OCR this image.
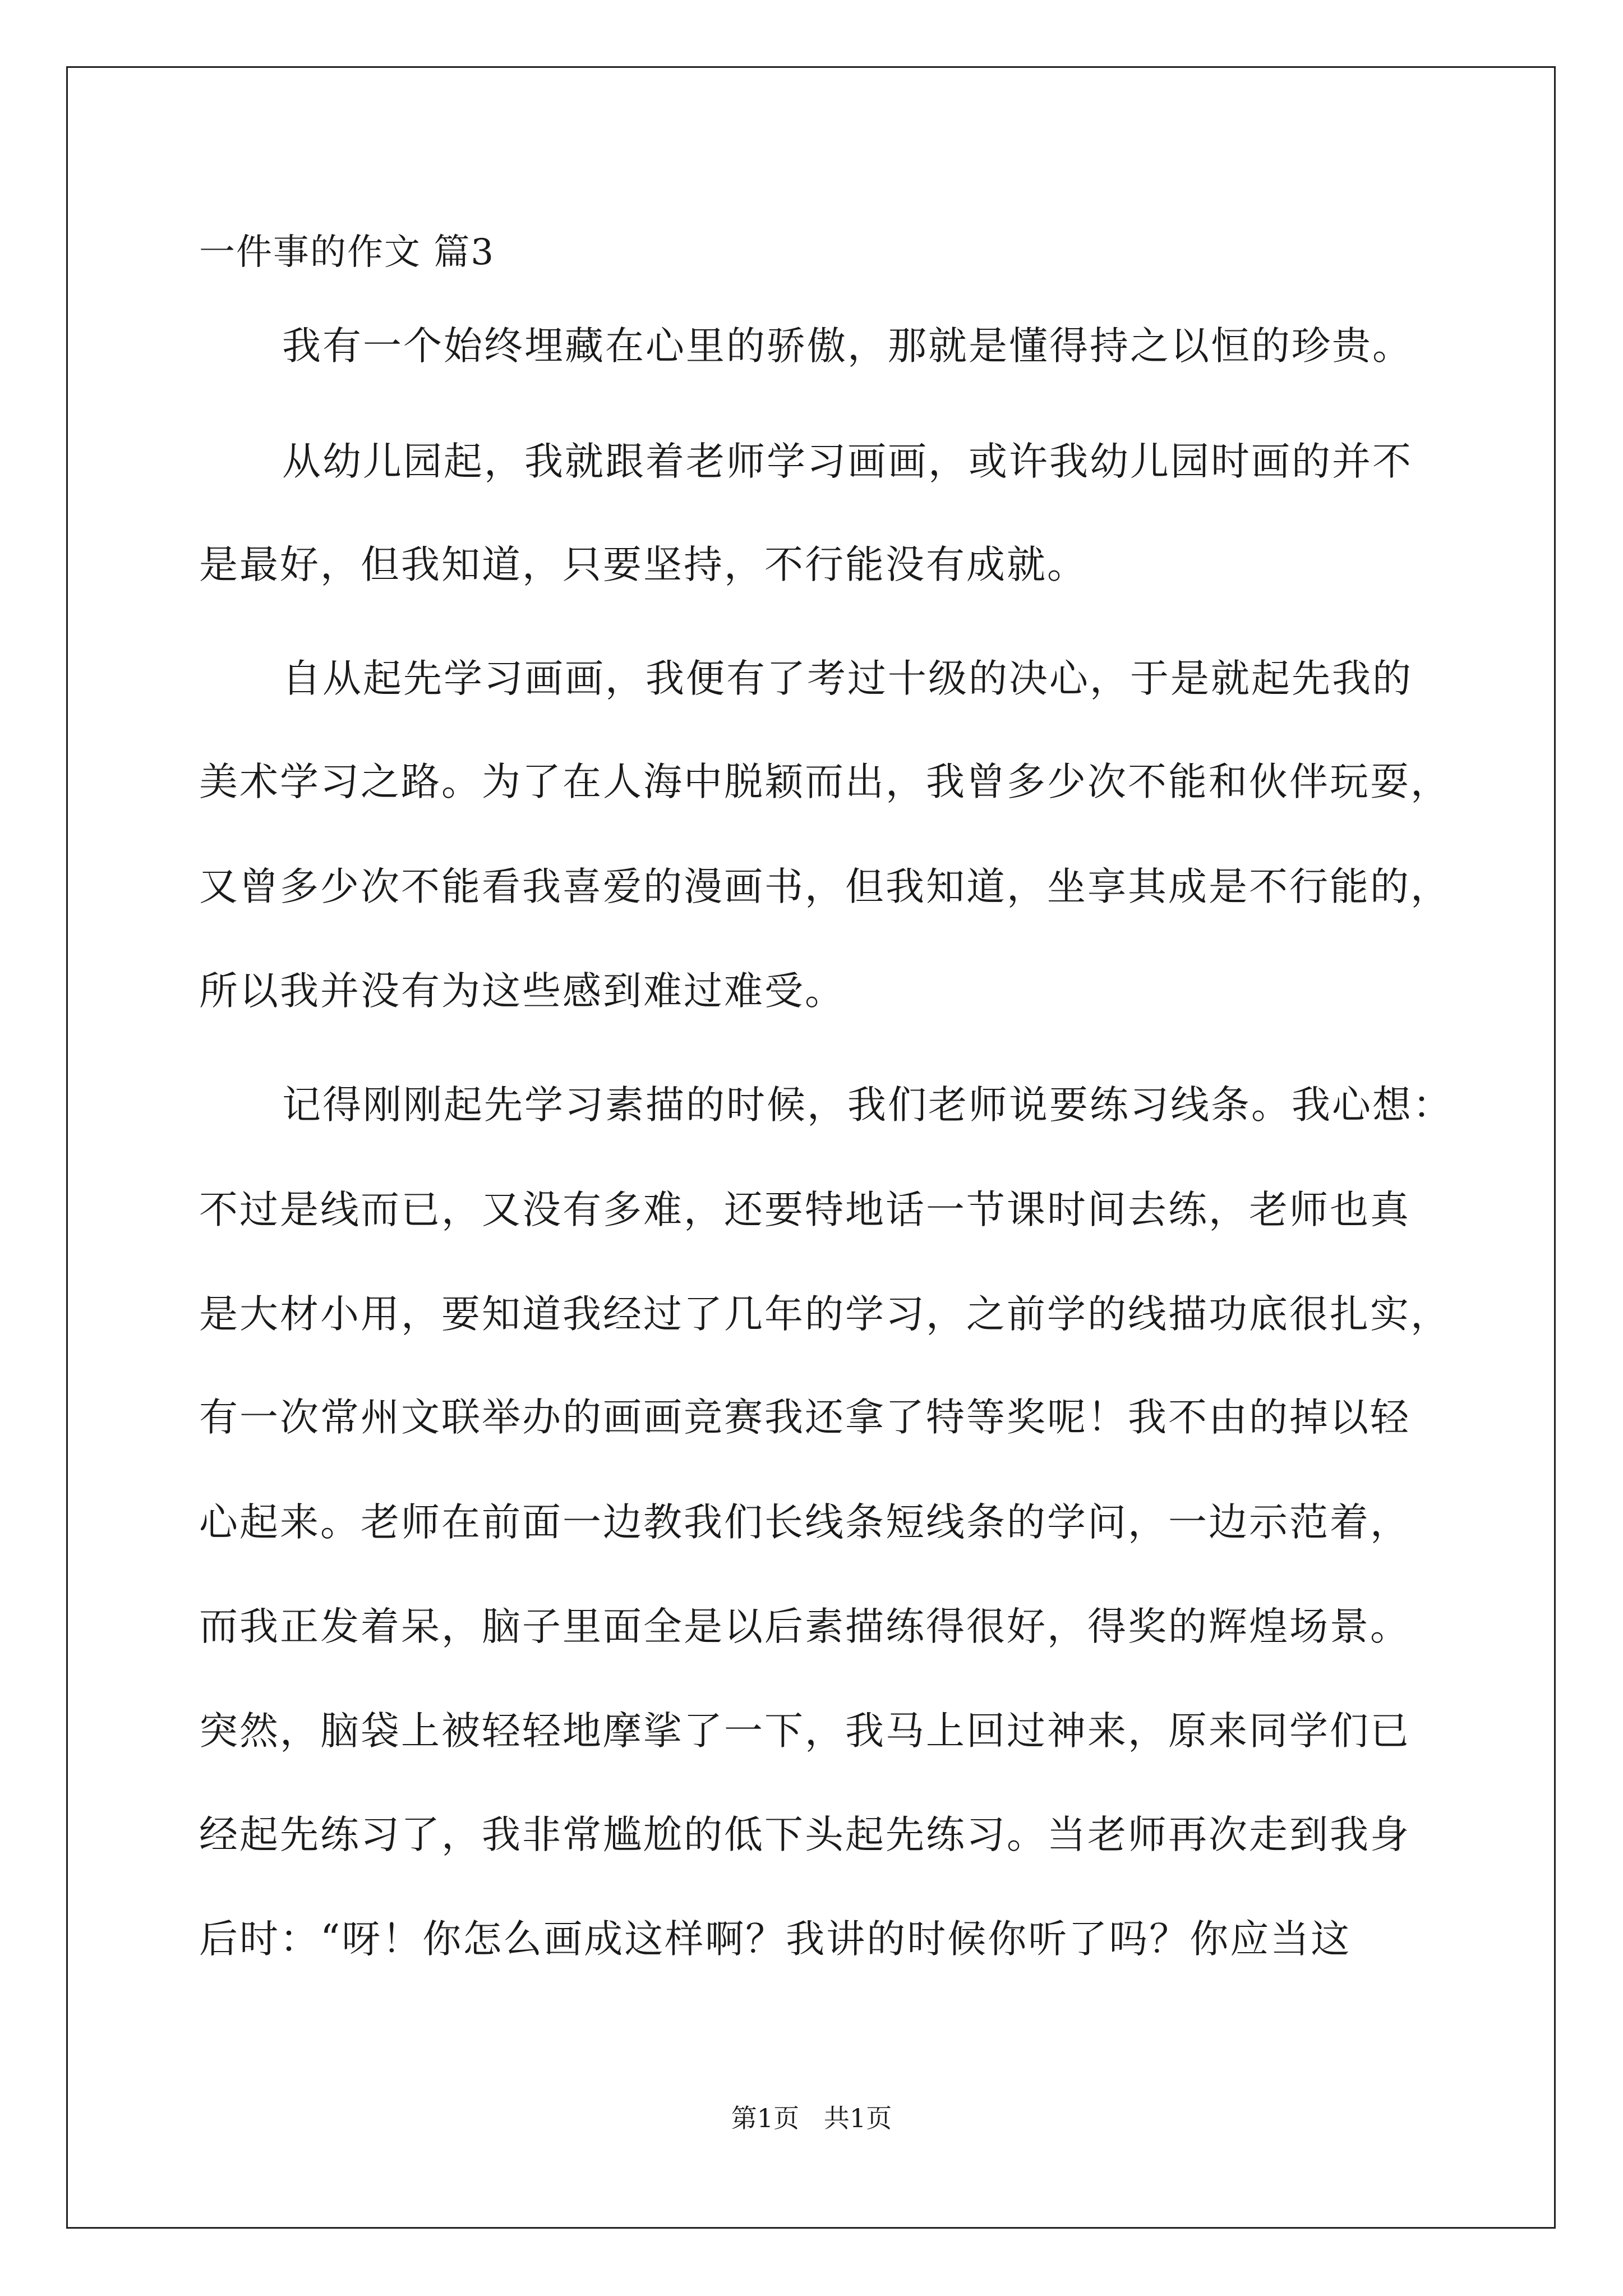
一件事的作文 篇3
我有一个始终埋藏在心里的骄傲，那就是懂得持之以恒的珍贵。
从幼儿园起，我就跟着老师学习画画，或许我幼儿园时画的并不
是最好，但我知道，只要坚持，不行能没有成就。
自从起先学习画画，我便有了考过十级的决心，于是就起先我的
美术学习之路。为了在人海中脱颖而出，我曾多少次不能和伙伴玩耍，
又曾多少次不能看我喜爱的漫画书，但我知道，坐享其成是不行能的，
所以我并没有为这些感到难过难受。
记得刚刚起先学习素描的时候，我们老师说要练习线条。我心想：
不过是线而已，又没有多难，还要特地话一节课时间去练，老师也真
是大材小用，要知道我经过了几年的学习，之前学的线描功底很扎实，
有一次常州文联举办的画画竞赛我还拿了特等奖呢！我不由的掉以轻
心起来。老师在前面一边教我们长线条短线条的学问，一边示范着，
而我正发着呆，脑子里面全是以后素描练得很好，得奖的辉煌场景。
突然，脑袋上被轻轻地摩挲了一下，我马上回过神来，原来同学们已
经起先练习了，我非常尴尬的低下头起先练习。当老师再次走到我身
后时：“呀！你怎么画成这样啊？我讲的时候你听了吗？你应当这
第1页   共1页
